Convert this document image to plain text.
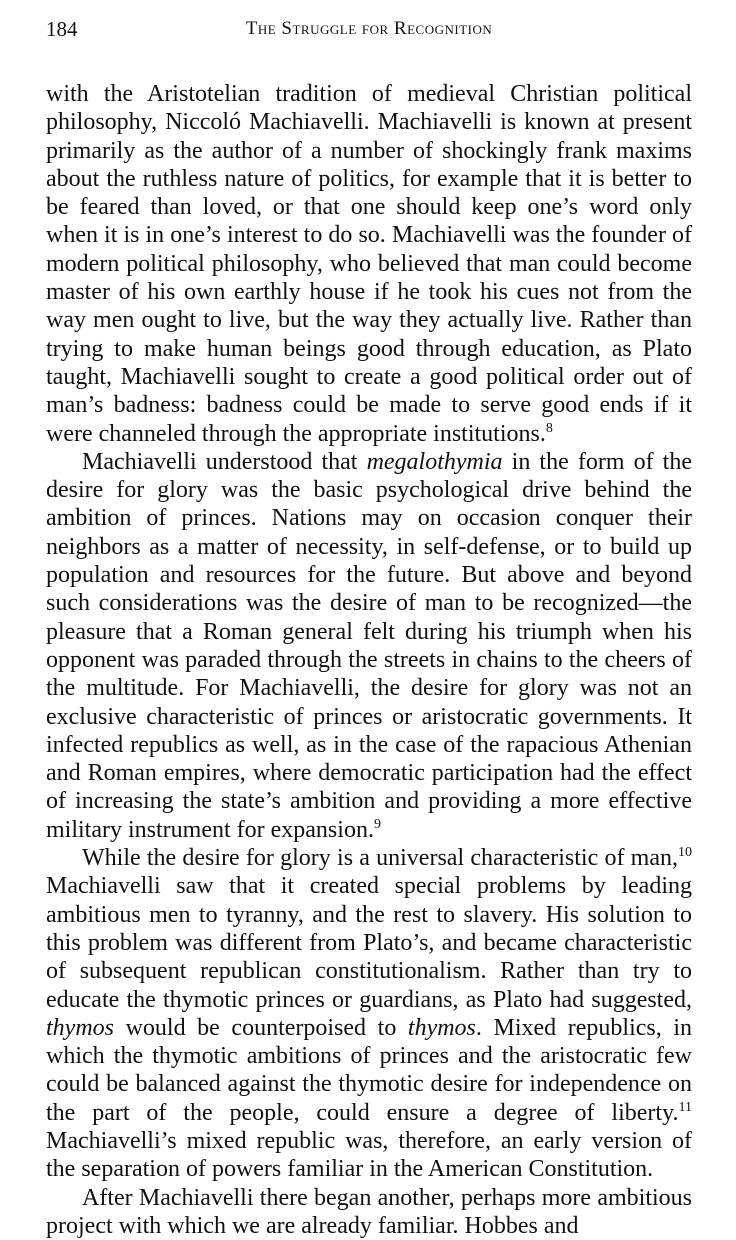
184	The Struggle for Recognition

with the Aristotelian tradition of medieval Christian political philosophy, Niccoló Machiavelli. Machiavelli is known at present primarily as the author of a number of shockingly frank maxims about the ruthless nature of politics, for example that it is better to be feared than loved, or that one should keep one’s word only when it is in one’s interest to do so. Machiavelli was the founder of modern political philosophy, who believed that man could become master of his own earthly house if he took his cues not from the way men ought to live, but the way they actually live. Rather than trying to make human beings good through education, as Plato taught, Machiavelli sought to create a good political order out of man’s badness: badness could be made to serve good ends if it were channeled through the appropriate institutions.$^8$

Machiavelli understood that megalothymia in the form of the desire for glory was the basic psychological drive behind the ambition of princes. Nations may on occasion conquer their neighbors as a matter of necessity, in self-defense, or to build up population and resources for the future. But above and beyond such considerations was the desire of man to be recognized—the pleasure that a Roman general felt during his triumph when his opponent was paraded through the streets in chains to the cheers of the multitude. For Machiavelli, the desire for glory was not an exclusive characteristic of princes or aristocratic governments. It infected republics as well, as in the case of the rapacious Athenian and Roman empires, where democratic participation had the effect of increasing the state’s ambition and providing a more effective military instrument for expansion.$^9$

While the desire for glory is a universal characteristic of man,$^{10}$ Machiavelli saw that it created special problems by leading ambitious men to tyranny, and the rest to slavery. His solution to this problem was different from Plato’s, and became characteristic of subsequent republican constitutionalism. Rather than try to educate the thymotic princes or guardians, as Plato had suggested, thymos would be counterpoised to thymos. Mixed republics, in which the thymotic ambitions of princes and the aristocratic few could be balanced against the thymotic desire for independence on the part of the people, could ensure a degree of liberty.$^{11}$ Machiavelli’s mixed republic was, therefore, an early version of the separation of powers familiar in the American Constitution.

After Machiavelli there began another, perhaps more ambitious project with which we are already familiar. Hobbes and
